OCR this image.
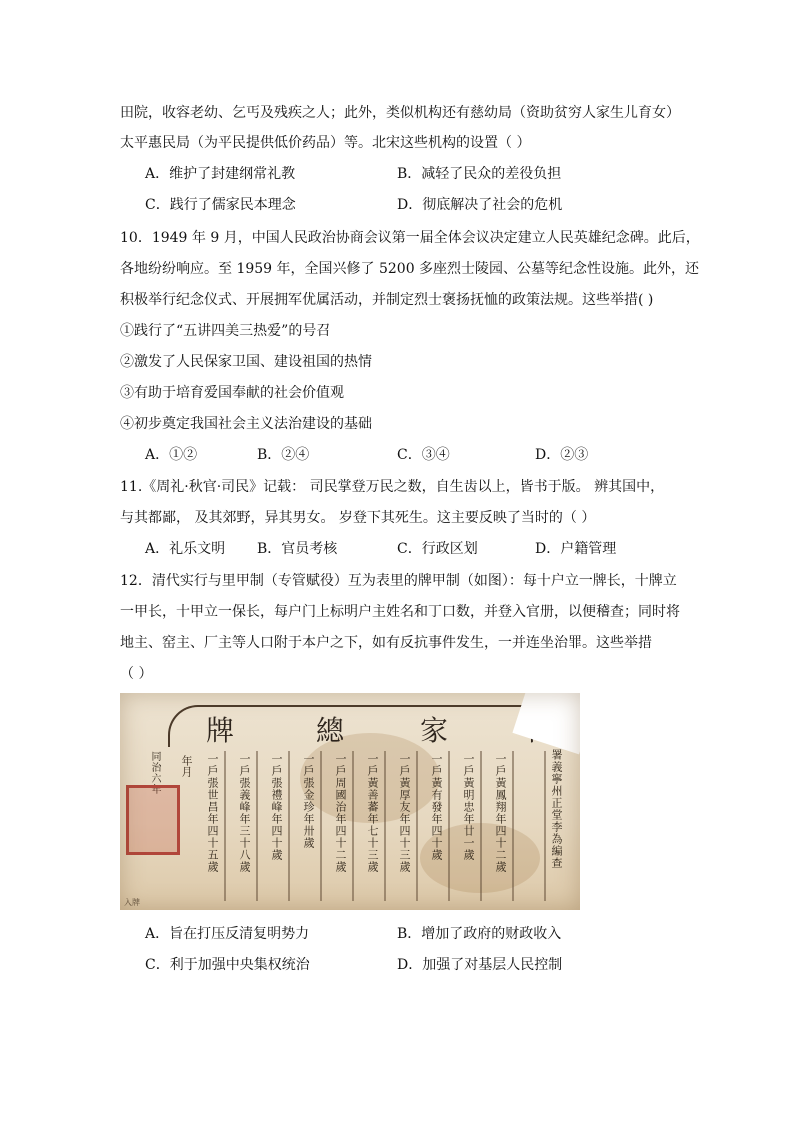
田院，收容老幼、乞丐及残疾之人；此外，类似机构还有慈幼局（资助贫穷人家生儿育女）
太平惠民局（为平民提供低价药品）等。北宋这些机构的设置（ ）
A．维护了封建纲常礼教	B．减轻了民众的差役负担
C．践行了儒家民本理念	D．彻底解决了社会的危机
10．1949 年 9 月，中国人民政治协商会议第一届全体会议决定建立人民英雄纪念碑。此后，
各地纷纷响应。至 1959 年，全国兴修了 5200 多座烈士陵园、公墓等纪念性设施。此外，还
积极举行纪念仪式、开展拥军优属活动，并制定烈士褒扬抚恤的政策法规。这些举措( )
①践行了“五讲四美三热爱”的号召
②激发了人民保家卫国、建设祖国的热情
③有助于培育爱国奉献的社会价值观
④初步奠定我国社会主义法治建设的基础
A．①②	B．②④	C．③④	D．②③
11.《周礼·秋官·司民》记载： 司民掌登万民之数，自生齿以上，皆书于版。 辨其国中，
与其都鄙， 及其郊野，异其男女。 岁登下其死生。这主要反映了当时的（ ）
A．礼乐文明 B．官员考核	C．行政区划	D．户籍管理
12．清代实行与里甲制（专管赋役）互为表里的牌甲制（如图）：每十户立一牌长，十牌立
一甲长，十甲立一保长，每户门上标明户主姓名和丁口数，并登入官册，以便稽查；同时将
地主、窑主、厂主等人口附于本户之下，如有反抗事件发生，一并连坐治罪。这些举措
（ ）
牌	總	家
同治六年 年月 一戶張世昌年四十五歲 一戶張義峰年三十八歲 一戶張禮峰年四十歲 一戶張金珍年卅歲 一戶周國治年四十二歲 一戶黃善蕃年七十三歲 一戶黃厚友年四十三歲 一戶黃有發年四十歲 一戶黃明忠年廿一歲 一戶黃鳳翔年四十二歲	署義寧州正堂李為編查
入牌
A．旨在打压反清复明势力	B．增加了政府的财政收入
C．利于加强中央集权统治	D．加强了对基层人民控制
